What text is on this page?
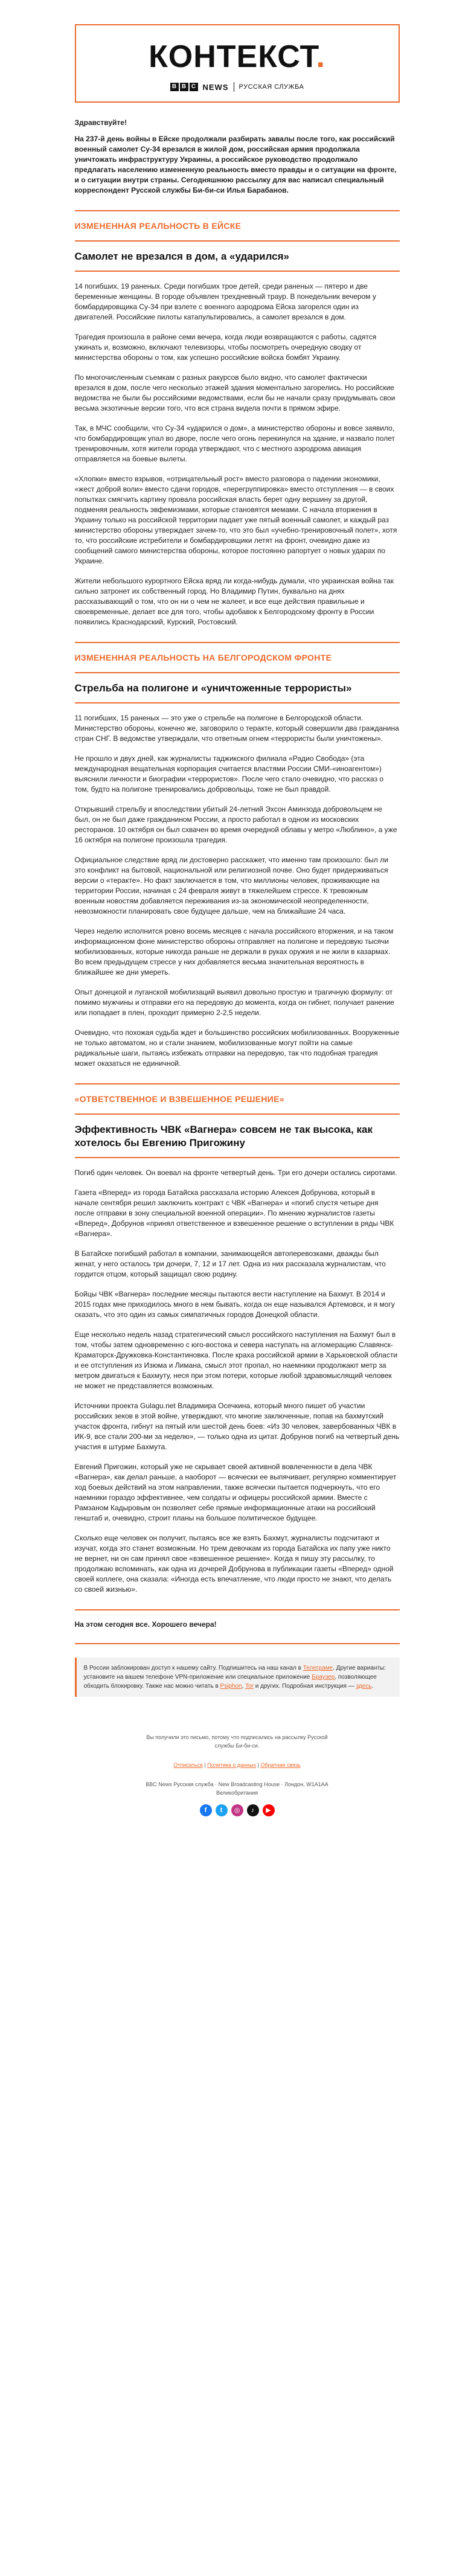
КОНТЕКСТ.
B B C NEWS РУССКАЯ СЛУЖБА
Здравствуйте!
На 237-й день войны в Ейске продолжали разбирать завалы после того, как российский военный самолет Су-34 врезался в жилой дом, российская армия продолжала уничтожать инфраструктуру Украины, а российское руководство продолжало предлагать населению измененную реальность вместо правды и о ситуации на фронте, и о ситуации внутри страны. Сегодняшнюю рассылку для вас написал специальный корреспондент Русской службы Би-би-си Илья Барабанов.
ИЗМЕНЕННАЯ РЕАЛЬНОСТЬ В ЕЙСКЕ
Самолет не врезался в дом, а «ударился»

14 погибших, 19 раненых. Среди погибших трое детей, среди раненых — пятеро и две беременные женщины. В городе объявлен трехдневный траур. В понедельник вечером у бомбардировщика Су-34 при взлете с военного аэродрома Ейска загорелся один из двигателей. Российские пилоты катапультировались, а самолет врезался в дом.

Трагедия произошла в районе семи вечера, когда люди возвращаются с работы, садятся ужинать и, возможно, включают телевизоры, чтобы посмотреть очередную сводку от министерства обороны о том, как успешно российские войска бомбят Украину.

По многочисленным съемкам с разных ракурсов было видно, что самолет фактически врезался в дом, после чего несколько этажей здания моментально загорелись. Но российские ведомства не были бы российскими ведомствами, если бы не начали сразу придумывать свои весьма экзотичные версии того, что вся страна видела почти в прямом эфире.

Так, в МЧС сообщили, что Су-34 «ударился о дом», а министерство обороны и вовсе заявило, что бомбардировщик упал во дворе, после чего огонь перекинулся на здание, и назвало полет тренировочным, хотя жители города утверждают, что с местного аэродрома авиация отправляется на боевые вылеты.

«Хлопки» вместо взрывов, «отрицательный рост» вместо разговора о падении экономики, «жест доброй воли» вместо сдачи городов, «перегруппировка» вместо отступления — в своих попытках смягчить картину провала российская власть берет одну вершину за другой, подменяя реальность эвфемизмами, которые становятся мемами. С начала вторжения в Украину только на российской территории падает уже пятый военный самолет, и каждый раз министерство обороны утверждает зачем-то, что это был «учебно-тренировочный полет», хотя то, что российские истребители и бомбардировщики летят на фронт, очевидно даже из сообщений самого министерства обороны, которое постоянно рапортует о новых ударах по Украине.

Жители небольшого курортного Ейска вряд ли когда-нибудь думали, что украинская война так сильно затронет их собственный город. Но Владимир Путин, буквально на днях рассказывающий о том, что он ни о чем не жалеет, и все еще действия правильные и своевременные, делает все для того, чтобы адобавок к Белгородскому фронту в России появились Краснодарский, Курский, Ростовский.

ИЗМЕНЕННАЯ РЕАЛЬНОСТЬ НА БЕЛГОРОДСКОМ ФРОНТЕ
Стрельба на полигоне и «уничтоженные террористы»

11 погибших, 15 раненых — это уже о стрельбе на полигоне в Белгородской области. Министерство обороны, конечно же, заговорило о теракте, который совершили два гражданина стран СНГ. В ведомстве утверждали, что ответным огнем «террористы были уничтожены».

Не прошло и двух дней, как журналисты таджикского филиала «Радио Свобода» (эта международная вещательная корпорация считается властями России СМИ-«иноагентом») выяснили личности и биографии «террористов». После чего стало очевидно, что рассказ о том, будто на полигоне тренировались добровольцы, тоже не был правдой.

Открывший стрельбу и впоследствии убитый 24-летний Эхсон Аминзода добровольцем не был, он не был даже гражданином России, а просто работал в одном из московских ресторанов. 10 октября он был схвачен во время очередной облавы у метро «Люблино», а уже 16 октября на полигоне произошла трагедия.

Официальное следствие вряд ли достоверно расскажет, что именно там произошло: был ли это конфликт на бытовой, национальной или религиозной почве. Оно будет придерживаться версии о «теракте». Но факт заключается в том, что миллионы человек, проживающие на территории России, начиная с 24 февраля живут в тяжелейшем стрессе. К тревожным военным новостям добавляется переживания из-за экономической неопределенности, невозможности планировать свое будущее дальше, чем на ближайшие 24 часа.

Через неделю исполнится ровно восемь месяцев с начала российского вторжения, и на таком информационном фоне министерство обороны отправляет на полигоне и передовую тысячи мобилизованных, которые никогда раньше не держали в руках оружия и не жили в казармах. Во всем предыдущем стрессе у них добавляется весьма значительная вероятность в ближайшее же дни умереть.

Опыт донецкой и луганской мобилизаций выявил довольно простую и трагичную формулу: от помимо мужчины и отправки его на передовую до момента, когда он гибнет, получает ранение или попадает в плен, проходит примерно 2-2,5 недели.

Очевидно, что похожая судьба ждет и большинство российских мобилизованных. Вооруженные не только автоматом, но и стали знанием, мобилизованные могут пойти на самые радикальные шаги, пытаясь избежать отправки на передовую, так что подобная трагедия может оказаться не единичной.

«ОТВЕТСТВЕННОЕ И ВЗВЕШЕННОЕ РЕШЕНИЕ»
Эффективность ЧВК «Вагнера» совсем не так высока, как хотелось бы Евгению Пригожину

Погиб один человек. Он воевал на фронте четвертый день. Три его дочери остались сиротами.

Газета «Вперед» из города Батайска рассказала историю Алексея Добрунова, который в начале сентября решил заключить контракт с ЧВК «Вагнера» и «погиб спустя четыре дня после отправки в зону специальной военной операции». По мнению журналистов газеты «Вперед», Добрунов «принял ответственное и взвешенное решение о вступлении в ряды ЧВК «Вагнера».

В Батайске погибший работал в компании, занимающейся автоперевозками, дважды был женат, у него осталось три дочери, 7, 12 и 17 лет. Одна из них рассказала журналистам, что гордится отцом, который защищал свою родину.

Бойцы ЧВК «Вагнера» последние месяцы пытаются вести наступление на Бахмут. В 2014 и 2015 годах мне приходилось много в нем бывать, когда он еще назывался Артемовск, и я могу сказать, что это один из самых симпатичных городов Донецкой области.

Еще несколько недель назад стратегический смысл российского наступления на Бахмут был в том, чтобы затем одновременно с юго-востока и севера наступать на агломерацию Славянск-Краматорск-Дружковка-Константиновка. После краха российской армии в Харьковской области и ее отступления из Изюма и Лимана, смысл этот пропал, но наемники продолжают метр за метром двигаться к Бахмуту, неся при этом потери, которые любой здравомыслящий человек не может не представляется возможным.

Источники проекта Gulagu.net Владимира Осечкина, который много пишет об участии российских зеков в этой войне, утверждают, что многие заключенные, попав на бахмутский участок фронта, гибнут на пятый или шестой день боев: «Из 30 человек, завербованных ЧВК в ИК-9, все стали 200-ми за неделю», — только одна из цитат. Добрунов погиб на четвертый день участия в штурме Бахмута.

Евгений Пригожин, который уже не скрывает своей активной вовлеченности в дела ЧВК «Вагнера», как делал раньше, а наоборот — всячески ее выпячивает, регулярно комментирует ход боевых действий на этом направлении, также всячески пытается подчеркнуть, что его наемники гораздо эффективнее, чем солдаты и офицеры российской армии. Вместе с Рамзаном Кадыровым он позволяет себе прямые информационные атаки на российский генштаб и, очевидно, строит планы на большое политическое будущее.

Сколько еще человек он получит, пытаясь все же взять Бахмут, журналисты подсчитают и изучат, когда это станет возможным. Но трем девочкам из города Батайска их папу уже никто не вернет, ни он сам принял свое «взвешенное решение». Когда я пишу эту рассылку, то продолжаю вспоминать, как одна из дочерей Добрунова в публикации газеты «Вперед» одной своей коллеге, она сказала: «Иногда есть впечатление, что люди просто не знают, что делать со своей жизнью».

На этом сегодня все. Хорошего вечера!
В России заблокирован доступ к нашему сайту. Подпишитесь на наш канал в Телеграме. Другие варианты: установите на вашем телефоне VPN-приложение или специальное приложение Браузер, позволяющее обходить блокировку. Также нас можно читать в Psiphon, Tor и других. Подробная инструкция — здесь.
Вы получили это письмо, потому что подписались на рассылку Русской
службы Би-би-си.
Отписаться | Политика о данных | Обратная связь
BBC News Русская служба · New Broadcasting House · Лондон, W1A1AA
Великобритания
f	t	◎	♪	▶
